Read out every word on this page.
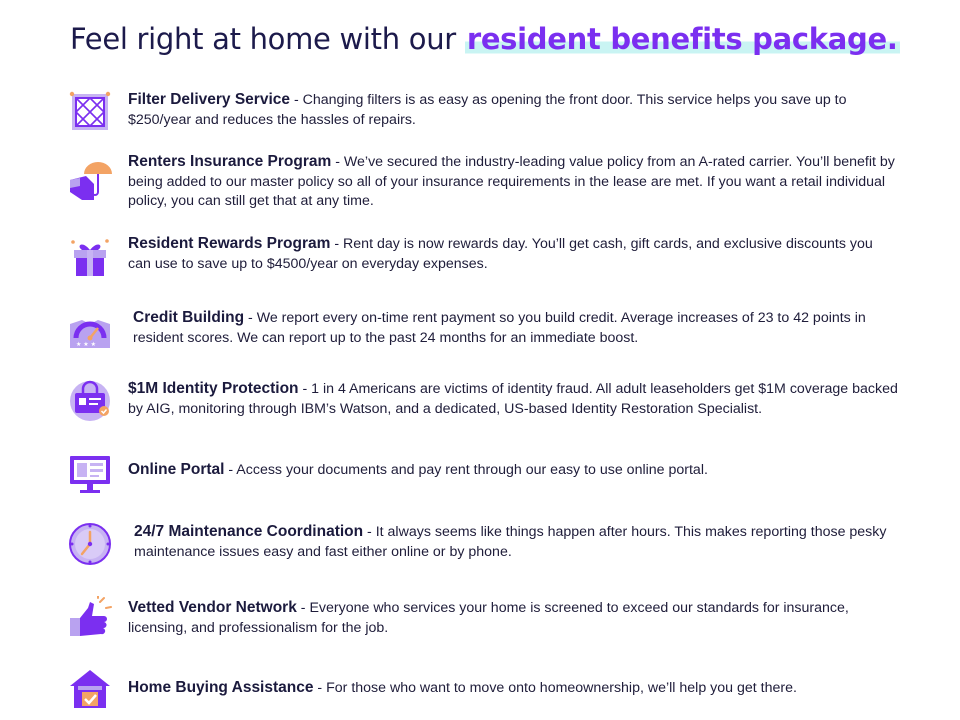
Feel right at home with our resident benefits package.
Filter Delivery Service - Changing filters is as easy as opening the front door. This service helps you save up to $250/year and reduces the hassles of repairs.
Renters Insurance Program - We’ve secured the industry-leading value policy from an A-rated carrier. You’ll benefit by being added to our master policy so all of your insurance requirements in the lease are met. If you want a retail individual policy, you can still get that at any time.
Resident Rewards Program - Rent day is now rewards day. You’ll get cash, gift cards, and exclusive discounts you can use to save up to $4500/year on everyday expenses.
★ ★ ★
Credit Building - We report every on-time rent payment so you build credit. Average increases of 23 to 42 points in resident scores. We can report up to the past 24 months for an immediate boost.
$1M Identity Protection - 1 in 4 Americans are victims of identity fraud. All adult leaseholders get $1M coverage backed by AIG, monitoring through IBM’s Watson, and a dedicated, US-based Identity Restoration Specialist.
Online Portal - Access your documents and pay rent through our easy to use online portal.
24/7 Maintenance Coordination - It always seems like things happen after hours. This makes reporting those pesky maintenance issues easy and fast either online or by phone.
Vetted Vendor Network - Everyone who services your home is screened to exceed our standards for insurance, licensing, and professionalism for the job.
Home Buying Assistance - For those who want to move onto homeownership, we’ll help you get there.
